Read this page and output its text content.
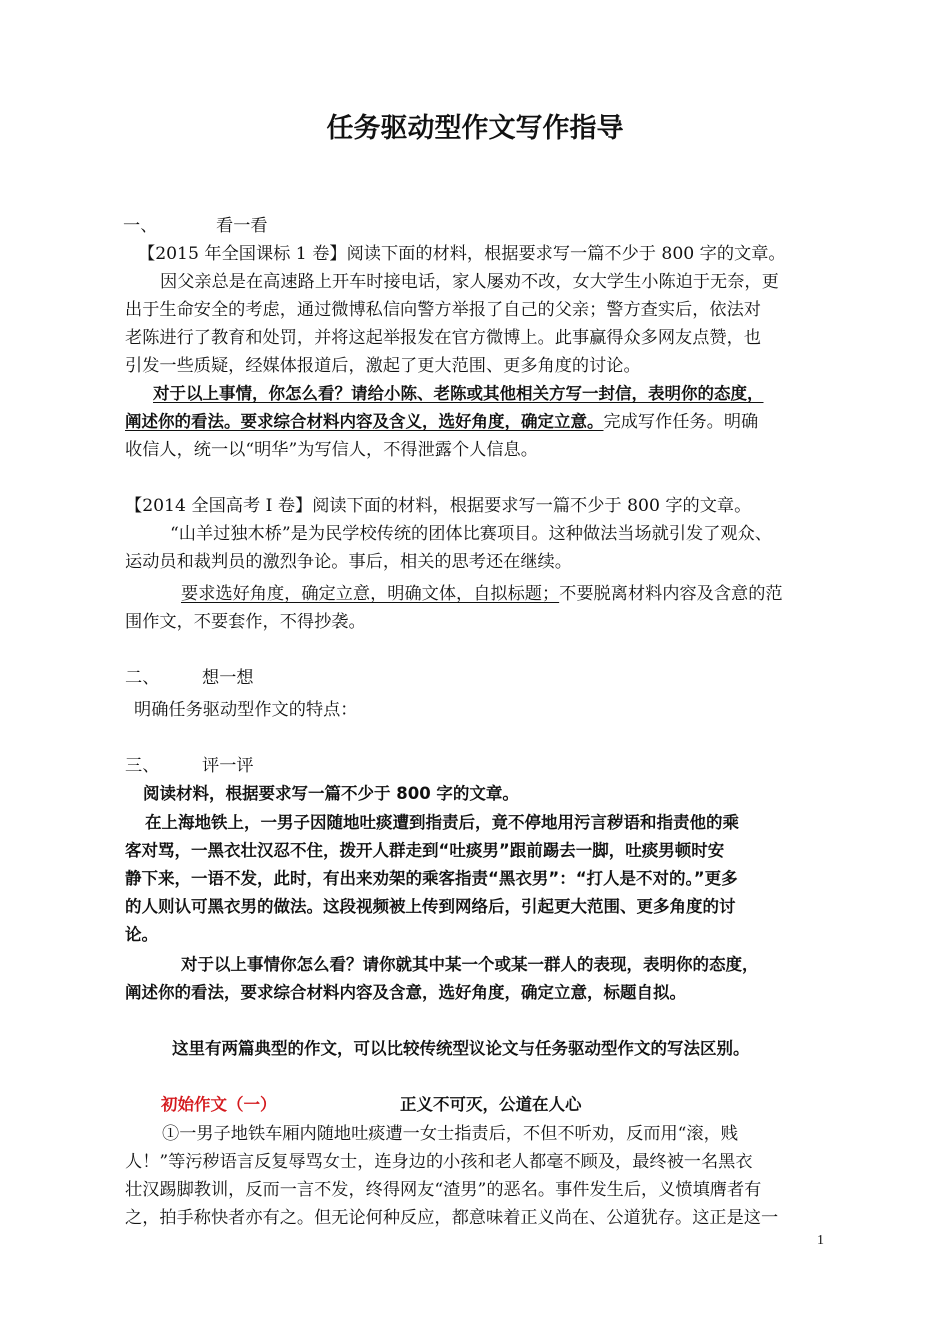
任务驱动型作文写作指导
一、	看一看
【2015 年全国课标 1 卷】阅读下面的材料，根据要求写一篇不少于 800 字的文章。
因父亲总是在高速路上开车时接电话，家人屡劝不改，女大学生小陈迫于无奈，更
出于生命安全的考虑，通过微博私信向警方举报了自己的父亲；警方查实后，依法对
老陈进行了教育和处罚，并将这起举报发在官方微博上。此事赢得众多网友点赞，也
引发一些质疑，经媒体报道后，激起了更大范围、更多角度的讨论。
对于以上事情，你怎么看？请给小陈、老陈或其他相关方写一封信，表明你的态度，
阐述你的看法。要求综合材料内容及含义，选好角度，确定立意。完成写作任务。明确
收信人，统一以“明华”为写信人，不得泄露个人信息。
【2014 全国高考 I 卷】阅读下面的材料，根据要求写一篇不少于 800 字的文章。
“山羊过独木桥”是为民学校传统的团体比赛项目。这种做法当场就引发了观众、
运动员和裁判员的激烈争论。事后，相关的思考还在继续。
要求选好角度，确定立意，明确文体，自拟标题；不要脱离材料内容及含意的范
围作文，不要套作，不得抄袭。
二、 想一想
明确任务驱动型作文的特点：
三、 评一评
阅读材料，根据要求写一篇不少于 800 字的文章。
在上海地铁上，一男子因随地吐痰遭到指责后，竟不停地用污言秽语和指责他的乘
客对骂，一黑衣壮汉忍不住，拨开人群走到“吐痰男”跟前踢去一脚，吐痰男顿时安
静下来，一语不发，此时，有出来劝架的乘客指责“黑衣男”：“打人是不对的。”更多
的人则认可黑衣男的做法。这段视频被上传到网络后，引起更大范围、更多角度的讨
论。
对于以上事情你怎么看？请你就其中某一个或某一群人的表现，表明你的态度，
阐述你的看法，要求综合材料内容及含意，选好角度，确定立意，标题自拟。
这里有两篇典型的作文，可以比较传统型议论文与任务驱动型作文的写法区别。
初始作文（一）	正义不可灭，公道在人心
①一男子地铁车厢内随地吐痰遭一女士指责后，不但不听劝，反而用“滚，贱
人！”等污秽语言反复辱骂女士，连身边的小孩和老人都毫不顾及，最终被一名黑衣
壮汉踢脚教训，反而一言不发，终得网友“渣男”的恶名。事件发生后，义愤填膺者有
之，拍手称快者亦有之。但无论何种反应，都意味着正义尚在、公道犹存。这正是这一
1
